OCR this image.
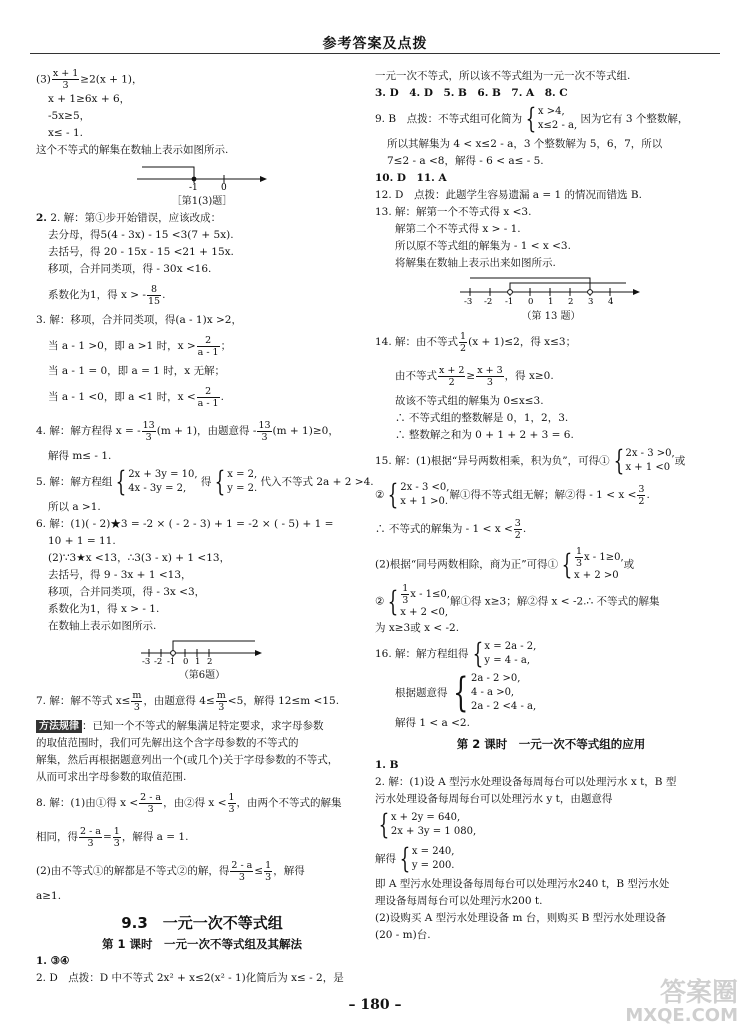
参考答案及点拨
$(3) \frac{x + 1}{3} \ge 2(x + 1)$，
x + 1≥6x + 6，
-5x≥5，
x≤ - 1.
这个不等式的解集在数轴上表示如图所示.
-1	0
［第1(3)题］
2. 2. 解：第①步开始错误，应该改成：
去分母，得5(4 - 3x) - 15 <3(7 + 5x).
去括号，得 20 - 15x - 15 <21 + 15x.
移项，合并同类项，得 - 30x <16.
系数化为1，得 x > - $\frac{8}{15}$ .
3. 解：移项，合并同类项，得(a - 1)x >2，
当 a - 1 >0，即 a >1 时，$x > \frac{2}{a - 1}$ ；
当 a - 1 = 0，即 a = 1 时，x 无解；
当 a - 1 <0，即 a <1 时，$x < \frac{2}{a - 1}$ .
4. 解：解方程得 x = - $\frac{13}{3} (m + 1)$，由题意得 - $\frac{13}{3} (m + 1)\ge 0$，
解得 m≤ - 1.
5. 解：解方程组 { 2x + 3y = 10,
4x - 3y = 2, 得 { x = 2,
y = 2. 代入不等式 2a + 2 >4.
所以 a >1.
6. 解：(1)( - 2)★3 = -2 × ( - 2 - 3) + 1 = -2 × ( - 5) + 1 =
10 + 1 = 11.
(2)∵3★x <13，∴3(3 - x) + 1 <13，
去括号，得 9 - 3x + 1 <13，
移项，合并同类项，得 - 3x <3，
系数化为1，得 x > - 1.
在数轴上表示如图所示.
-3 -2 -1 0 1 2
（第6题）
7. 解：解不等式 $x\le \frac{m}{3}$ ，由题意得 $4\le \frac{m}{3} <5$，解得 12≤m <15.
方法规律 ：已知一个不等式的解集满足特定要求，求字母参数
的取值范围时，我们可先解出这个含字母参数的不等式的
解集，然后再根据题意列出一个(或几个)关于字母参数的不等式，
从而可求出字母参数的取值范围.
8. 解：(1)由①得 $x < \frac{2 - a}{3}$ ，由②得 $x < \frac{1}{3}$ ，由两个不等式的解集
相同，得 $\frac{2 - a}{3} = \frac{1}{3}$ ，解得 a = 1.
(2)由不等式①的解都是不等式②的解，得 $\frac{2 - a}{3} \le \frac{1}{3}$ ，解得
a≥1.
9.3　一元一次不等式组
第 1 课时　一元一次不等式组及其解法
1. ③④
2. D　点拨：D 中不等式 2x² + x≤2(x² - 1)化简后为 x≤ - 2，是
一元一次不等式，所以该不等式组为一元一次不等式组.
3. D　4. D　5. B　6. B　7. A　8. C
9. B　点拨：不等式组可化简为 { x >4,
x≤2 - a, 因为它有 3 个整数解，
所以其解集为 4 < x≤2 - a，3 个整数解为 5，6，7，所以
7≤2 - a <8，解得 - 6 < a≤ - 5.
10. D　11. A
12. D　点拨：此题学生容易遗漏 a = 1 的情况而错选 B.
13. 解：解第一个不等式得 x <3.
解第二个不等式得 x > - 1.
所以原不等式组的解集为 - 1 < x <3.
将解集在数轴上表示出来如图所示.
-3 -2 -1 0 1 2 3 4
（第 13 题）
14. 解：由不等式 $\frac{1}{2} (x + 1)\le 2$，得 x≤3；
由不等式 $\frac{x + 2}{2} \ge \frac{x + 3}{3}$ ，得 x≥0.
故该不等式组的解集为 0≤x≤3.
∴ 不等式组的整数解是 0，1，2，3.
∴ 整数解之和为 0 + 1 + 2 + 3 = 6.
15. 解：(1)根据“异号两数相乘，积为负”，可得① { 2x - 3 >0,
x + 1 <0或
② { 2x - 3 <0,
x + 1 >0.解①得不等式组无解；解②得 - $1 < x < \frac{3}{2}$ .
∴ 不等式的解集为 - $1 < x < \frac{3}{2}$ .
(2)根据“同号两数相除，商为正”可得① { $\frac{1}{3}$ x - 1≥0,
x + 2 >0或
② { $\frac{1}{3}$ x - 1≤0,
x + 2 <0,解①得 x≥3；解②得 x < -2.∴ 不等式的解集
为 x≥3或 x < -2.
16. 解：解方程组得 { x = 2a - 2,
y = 4 - a,
根据题意得 { 2a - 2 >0,
4 - a >0,
2a - 2 <4 - a,
解得 1 < a <2.
第 2 课时　一元一次不等式组的应用
1. B
2. 解：(1)设 A 型污水处理设备每周每台可以处理污水 x t，B 型
污水处理设备每周每台可以处理污水 y t，由题意得
{ x + 2y = 640,
2x + 3y = 1 080,
解得 { x = 240,
y = 200.
即 A 型污水处理设备每周每台可以处理污水240 t，B 型污水处
理设备每周每台可以处理污水200 t.
(2)设购买 A 型污水处理设备 m 台，则购买 B 型污水处理设备
(20 - m)台.
– 180 –	答案圈
MXQE.COM
